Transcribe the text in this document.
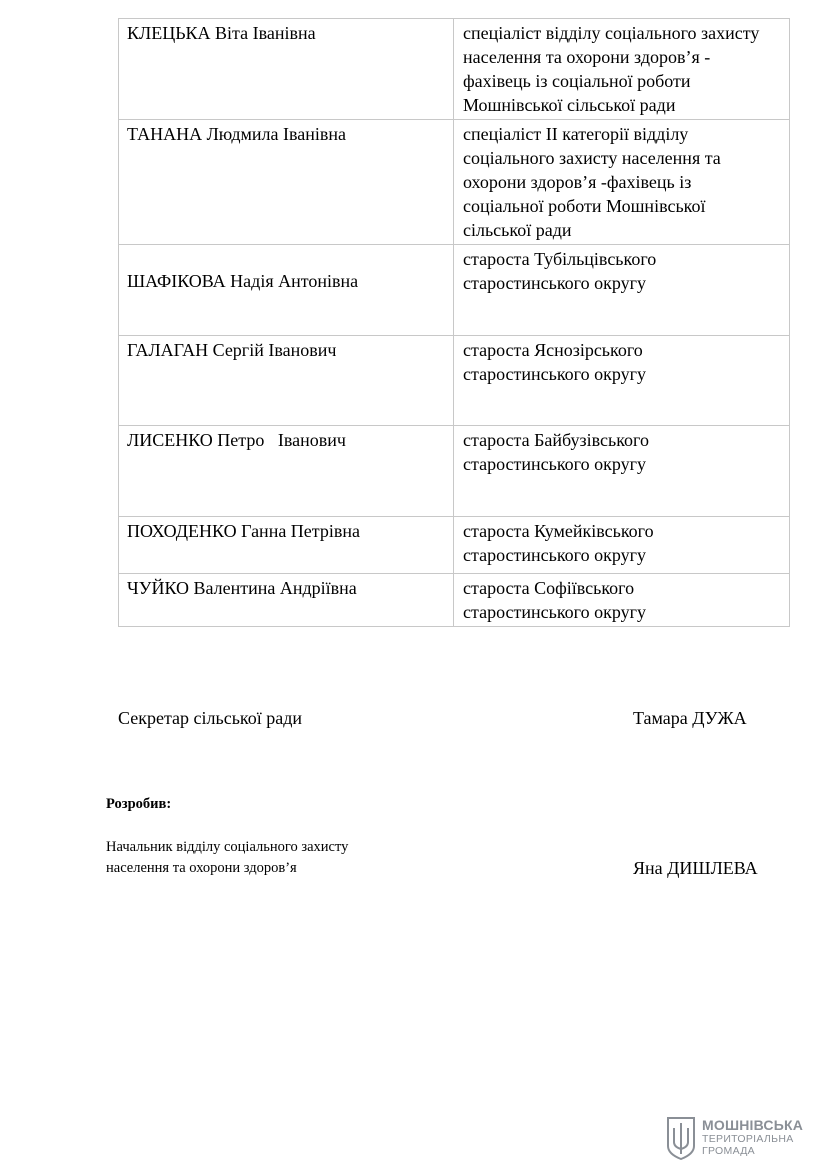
КЛЕЦЬКА Віта Іванівна	спеціаліст відділу соціального захисту
населення та охорони здоров’я -
фахівець із соціальної роботи
Мошнівської сільської ради

ТАНАНА Людмила Іванівна	спеціаліст ІІ категорії відділу
соціального захисту населення та
охорони здоров’я -фахівець із
соціальної роботи Мошнівської
сільської ради

ШАФІКОВА Надія Антонівна	староста Тубільцівського
старостинського округу

ГАЛАГАН Сергій Іванович	староста Яснозірського
старостинського округу

ЛИСЕНКО Петро   Іванович	староста Байбузівського
старостинського округу

ПОХОДЕНКО Ганна Петрівна	староста Кумейківського
старостинського округу

ЧУЙКО Валентина Андріївна	староста Софіївського
старостинського округу
Секретар сільської ради	Тамара ДУЖА
Розробив:
Начальник відділу соціального захисту
населення та охорони здоров’я	Яна ДИШЛЕВА
МОШНІВСЬКА
ТЕРИТОРІАЛЬНА
ГРОМАДА
